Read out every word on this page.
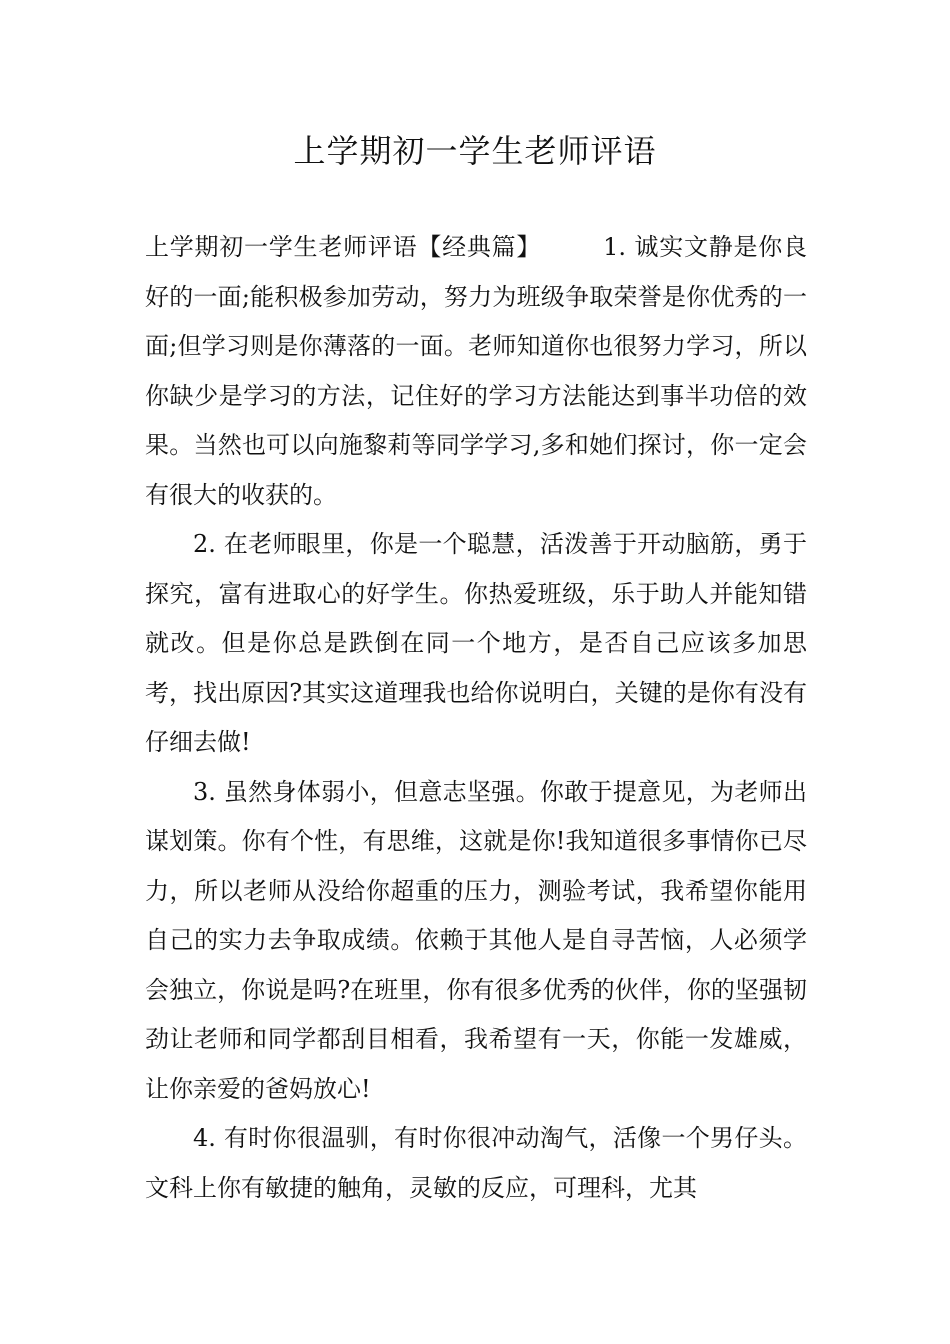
上学期初一学生老师评语

上学期初一学生老师评语【经典篇】	1. 诚实文静是你良好的一面;能积极参加劳动，努力为班级争取荣誉是你优秀的一面;但学习则是你薄落的一面。老师知道你也很努力学习，所以你缺少是学习的方法，记住好的学习方法能达到事半功倍的效果。当然也可以向施黎莉等同学学习,多和她们探讨，你一定会有很大的收获的。

2. 在老师眼里，你是一个聪慧，活泼善于开动脑筋，勇于探究，富有进取心的好学生。你热爱班级，乐于助人并能知错就改。但是你总是跌倒在同一个地方，是否自己应该多加思考，找出原因?其实这道理我也给你说明白，关键的是你有没有仔细去做!

3. 虽然身体弱小，但意志坚强。你敢于提意见，为老师出谋划策。你有个性，有思维，这就是你!我知道很多事情你已尽力，所以老师从没给你超重的压力，测验考试，我希望你能用自己的实力去争取成绩。依赖于其他人是自寻苦恼，人必须学会独立，你说是吗?在班里，你有很多优秀的伙伴，你的坚强韧劲让老师和同学都刮目相看，我希望有一天，你能一发雄威，让你亲爱的爸妈放心!

4. 有时你很温驯，有时你很冲动淘气，活像一个男仔头。文科上你有敏捷的触角，灵敏的反应，可理科，尤其
